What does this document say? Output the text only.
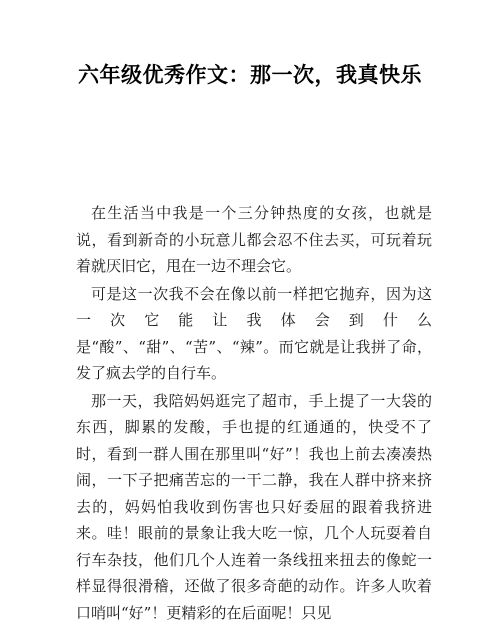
六年级优秀作文：那一次，我真快乐

在生活当中我是一个三分钟热度的女孩，也就是说，看到新奇的小玩意儿都会忍不住去买，可玩着玩着就厌旧它，甩在一边不理会它。

可是这一次我不会在像以前一样把它抛弃，因为这一次它能让我体会到什么是“酸”、“甜”、“苦”、“辣”。而它就是让我拼了命，发了疯去学的自行车。

那一天，我陪妈妈逛完了超市，手上提了一大袋的东西，脚累的发酸，手也提的红通通的，快受不了时，看到一群人围在那里叫“好”！我也上前去凑凑热闹，一下子把痛苦忘的一干二静，我在人群中挤来挤去的，妈妈怕我收到伤害也只好委屈的跟着我挤进来。哇！眼前的景象让我大吃一惊，几个人玩耍着自行车杂技，他们几个人连着一条线扭来扭去的像蛇一样显得很滑稽，还做了很多奇葩的动作。许多人吹着口哨叫“好”！更精彩的在后面呢！只见
